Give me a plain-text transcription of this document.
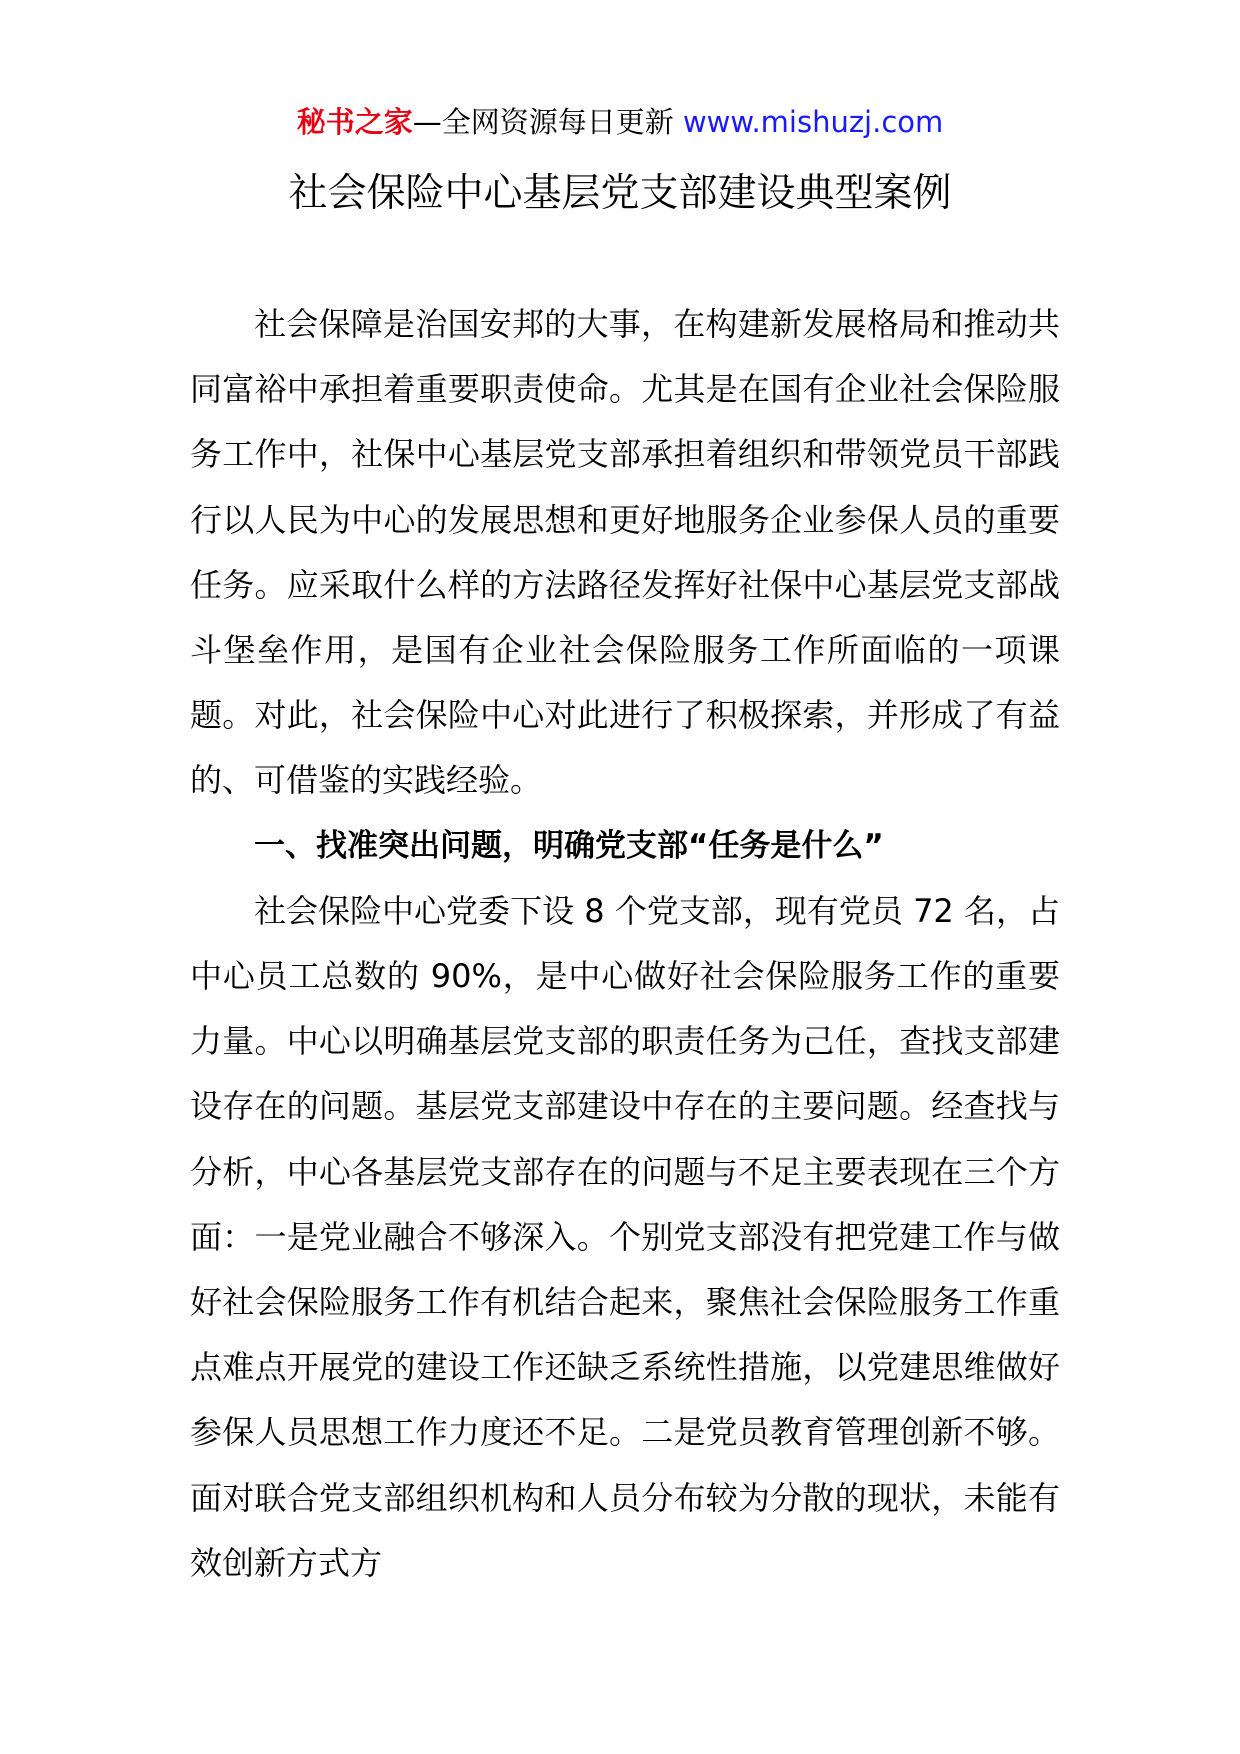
秘书之家—全网资源每日更新 www.mishuzj.com
社会保险中心基层党支部建设典型案例

社会保障是治国安邦的大事，在构建新发展格局和推动共同富裕中承担着重要职责使命。尤其是在国有企业社会保险服务工作中，社保中心基层党支部承担着组织和带领党员干部践行以人民为中心的发展思想和更好地服务企业参保人员的重要任务。应采取什么样的方法路径发挥好社保中心基层党支部战斗堡垒作用，是国有企业社会保险服务工作所面临的一项课题。对此，社会保险中心对此进行了积极探索，并形成了有益的、可借鉴的实践经验。

一、找准突出问题，明确党支部“任务是什么”

社会保险中心党委下设 8 个党支部，现有党员 72 名，占中心员工总数的 90%，是中心做好社会保险服务工作的重要力量。中心以明确基层党支部的职责任务为己任，查找支部建设存在的问题。基层党支部建设中存在的主要问题。经查找与分析，中心各基层党支部存在的问题与不足主要表现在三个方面：一是党业融合不够深入。个别党支部没有把党建工作与做好社会保险服务工作有机结合起来，聚焦社会保险服务工作重点难点开展党的建设工作还缺乏系统性措施，以党建思维做好参保人员思想工作力度还不足。二是党员教育管理创新不够。面对联合党支部组织机构和人员分布较为分散的现状，未能有效创新方式方
